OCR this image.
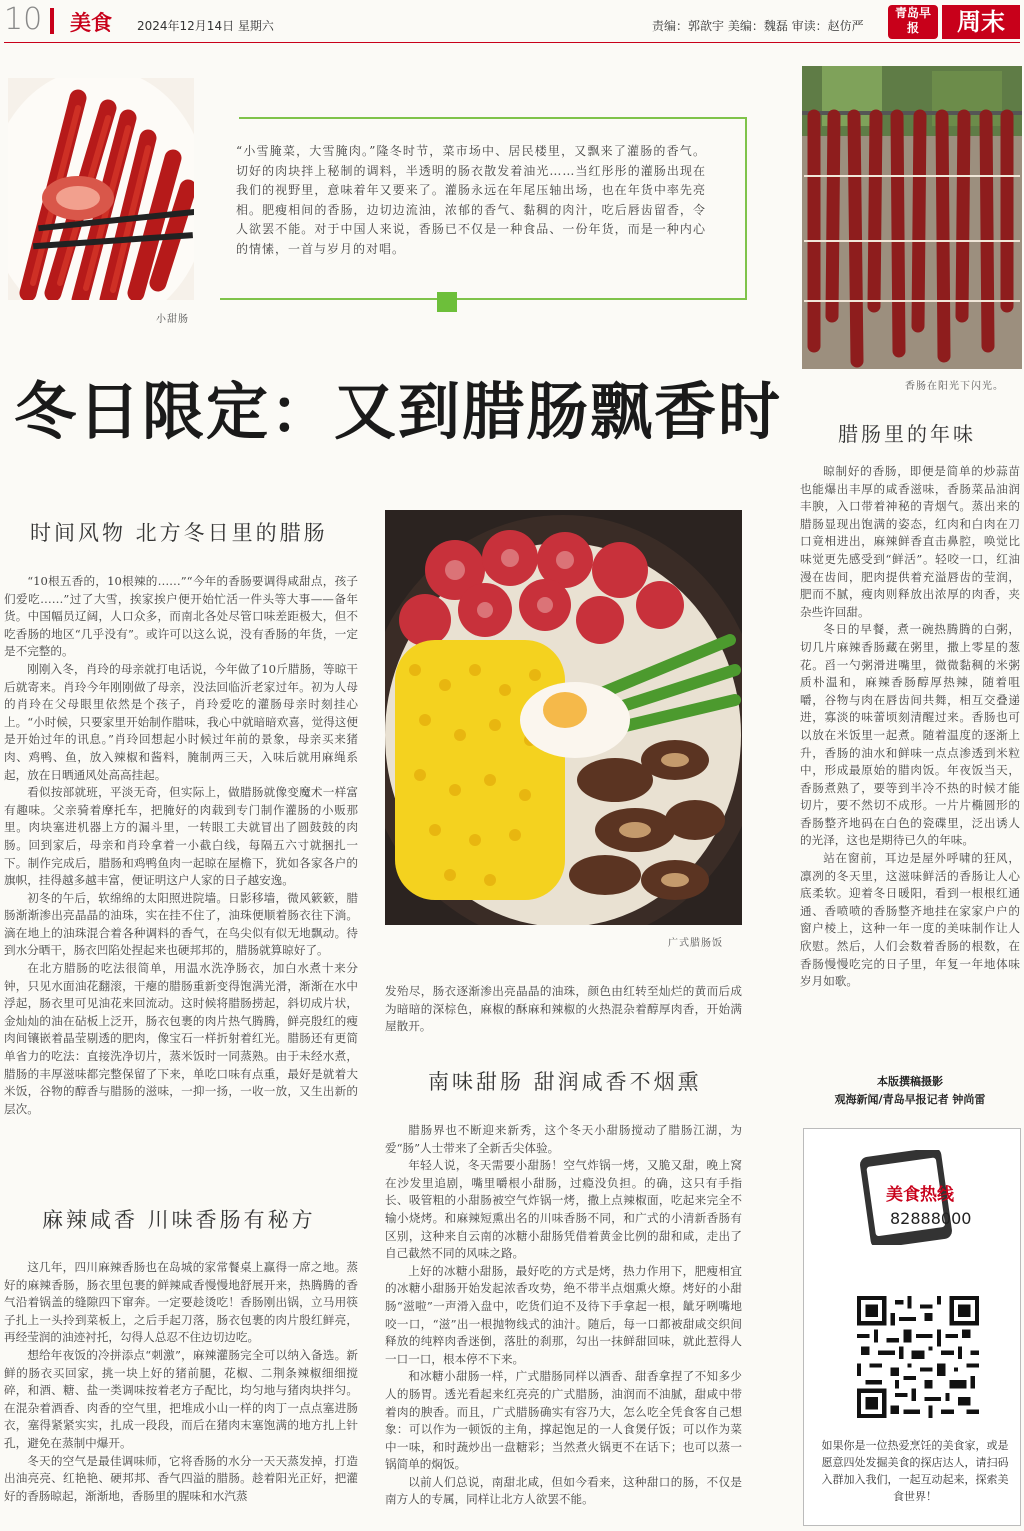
10 美食 2024年12月14日 星期六	责编：郭歆宇 美编：魏磊 审读：赵仿严
青岛早报	周末
小甜肠
“小雪腌菜，大雪腌肉。”隆冬时节，菜市场中、居民楼里，又飘来了灌肠的香气。切好的肉块拌上秘制的调料，半透明的肠衣散发着油光……当红彤彤的灌肠出现在我们的视野里，意味着年又要来了。灌肠永远在年尾压轴出场，也在年货中率先亮相。肥瘦相间的香肠，边切边流油，浓郁的香气、黏稠的肉汁，吃后唇齿留香，令人欲罢不能。对于中国人来说，香肠已不仅是一种食品、一份年货，而是一种内心的情愫，一首与岁月的对唱。
香肠在阳光下闪光。
冬日限定：又到腊肠飘香时	腊肠里的年味

晾制好的香肠，即便是简单的炒蒜苗也能爆出丰厚的咸香滋味，香肠菜品油润丰腴，入口带着神秘的青烟气。蒸出来的腊肠显现出饱满的姿态，红肉和白肉在刀口竟相进出，麻辣鲜香直击鼻腔，唤觉比味觉更先感受到“鲜活”。轻咬一口，红油漫在齿间，肥肉提供着充溢唇齿的莹润，肥而不腻，瘦肉则释放出浓厚的肉香，夹杂些许回甜。

冬日的早餐，煮一碗热腾腾的白粥，切几片麻辣香肠藏在粥里，撒上零星的葱花。舀一勺粥滑进嘴里，微微黏稠的米粥质朴温和，麻辣香肠醇厚热辣，随着咀嚼，谷物与肉在唇齿间共舞，相互交叠递进，寡淡的味蕾顷刻清醒过来。香肠也可以放在米饭里一起煮。随着温度的逐渐上升，香肠的油水和鲜味一点点渗透到米粒中，形成最原始的腊肉饭。年夜饭当天，香肠煮熟了，要等到半冷不热的时候才能切片，要不然切不成形。一片片椭圆形的香肠整齐地码在白色的瓷碟里，泛出诱人的光泽，这也是期待已久的年味。

站在窗前，耳边是屋外呼啸的狂风，凛冽的冬天里，这滋味鲜活的香肠让人心底柔软。迎着冬日暖阳，看到一根根红通通、香喷喷的香肠整齐地挂在家家户户的窗户棱上，这种一年一度的美味制作让人欣慰。然后，人们会数着香肠的根数，在香肠慢慢吃完的日子里，年复一年地体味岁月如歌。

本版撰稿摄影
观海新闻/青岛早报记者 钟尚雷
美食热线
82888000
如果你是一位热爱烹饪的美食家，或是愿意四处发掘美食的探店达人，请扫码入群加入我们，一起互动起来，探索美食世界！
时间风物 北方冬日里的腊肠

“10根五香的，10根辣的……”“今年的香肠要调得咸甜点，孩子们爱吃……”过了大雪，挨家挨户便开始忙活一件头等大事——备年货。中国幅员辽阔，人口众多，而南北各处尽管口味差距极大，但不吃香肠的地区“几乎没有”。或许可以这么说，没有香肠的年货，一定是不完整的。

刚刚入冬，肖玲的母亲就打电话说，今年做了10斤腊肠，等晾干后就寄来。肖玲今年刚刚做了母亲，没法回临沂老家过年。初为人母的肖玲在父母眼里依然是个孩子，肖玲爱吃的灌肠母亲时刻挂心上。“小时候，只要家里开始制作腊味，我心中就暗暗欢喜，觉得这便是开始过年的讯息。”肖玲回想起小时候过年前的景象，母亲买来猪肉、鸡鸭、鱼，放入辣椒和酱料，腌制两三天，入味后就用麻绳系起，放在日晒通风处高高挂起。

看似按部就班，平淡无奇，但实际上，做腊肠就像变魔术一样富有趣味。父亲骑着摩托车，把腌好的肉载到专门制作灌肠的小贩那里。肉块塞进机器上方的漏斗里，一转眼工夫就冒出了圆鼓鼓的肉肠。回到家后，母亲和肖玲拿着一小截白线，每隔五六寸就捆扎一下。制作完成后，腊肠和鸡鸭鱼肉一起晾在屋檐下，犹如各家各户的旗帜，挂得越多越丰富，便证明这户人家的日子越安逸。

初冬的午后，软绵绵的太阳照进院墙。日影移墙，微风簌簌，腊肠渐渐渗出亮晶晶的油珠，实在挂不住了，油珠便顺着肠衣往下淌。滴在地上的油珠混合着各种调料的香气，在鸟尖似有似无地飘动。待到水分晒干，肠衣凹陷处捏起来也硬邦邦的，腊肠就算晾好了。

在北方腊肠的吃法很简单，用温水洗净肠衣，加白水煮十来分钟，只见水面油花翻滚，干瘪的腊肠重新变得饱满光滑，渐渐在水中浮起，肠衣里可见油花来回流动。这时候将腊肠捞起，斜切成片状，金灿灿的油在砧板上泛开，肠衣包裹的肉片热气腾腾，鲜亮殷红的瘦肉间镶嵌着晶莹剔透的肥肉，像宝石一样折射着红光。腊肠还有更简单省力的吃法：直接洗净切片，蒸米饭时一同蒸熟。由于未经水煮，腊肠的丰厚滋味都完整保留了下来，单吃口味有点重，最好是就着大米饭，谷物的醇香与腊肠的滋味，一抑一扬，一收一放，又生出新的层次。

麻辣咸香 川味香肠有秘方

这几年，四川麻辣香肠也在岛城的家常餐桌上赢得一席之地。蒸好的麻辣香肠，肠衣里包裹的鲜辣咸香慢慢地舒展开来，热腾腾的香气沿着锅盖的缝隙四下窜奔。一定要趁烫吃！香肠刚出锅，立马用筷子扎上一头拎到菜板上，之后手起刀落，肠衣包裹的肉片殷红鲜亮，再经莹润的油迹衬托，勾得人总忍不住边切边吃。

想给年夜饭的冷拼添点“刺激”，麻辣灌肠完全可以纳入备选。新鲜的肠衣买回家，挑一块上好的猪前腿，花椒、二荆条辣椒细细搅碎，和酒、糖、盐一类调味按着老方子配比，均匀地与猪肉块拌匀。在混杂着酒香、肉香的空气里，把堆成小山一样的肉丁一点点塞进肠衣，塞得紧紧实实，扎成一段段，而后在猪肉末塞饱满的地方扎上针孔，避免在蒸制中爆开。

冬天的空气是最佳调味师，它将香肠的水分一天天蒸发掉，打造出油亮亮、红艳艳、硬邦邦、香气四溢的腊肠。趁着阳光正好，把灌好的香肠晾起，渐渐地，香肠里的腥味和水汽蒸

广式腊肠饭

发殆尽，肠衣逐渐渗出亮晶晶的油珠，颜色由红转至灿烂的黄而后成为暗暗的深棕色，麻椒的酥麻和辣椒的火热混杂着醇厚肉香，开始满屋散开。

南味甜肠 甜润咸香不烟熏

腊肠界也不断迎来新秀，这个冬天小甜肠搅动了腊肠江湖，为爱“肠”人士带来了全新舌尖体验。

年轻人说，冬天需要小甜肠！空气炸锅一烤，又脆又甜，晚上窝在沙发里追剧，嘴里嚼根小甜肠，过瘾没负担。的确，这只有手指长、吸管粗的小甜肠被空气炸锅一烤，撒上点辣椒面，吃起来完全不输小烧烤。和麻辣短熏出名的川味香肠不同，和广式的小清新香肠有区别，这种来自云南的冰糖小甜肠凭借着黄金比例的甜和咸，走出了自己截然不同的风味之路。

上好的冰糖小甜肠，最好吃的方式是烤，热力作用下，肥瘦相宜的冰糖小甜肠开始发起浓香攻势，绝不带半点烟熏火燎。烤好的小甜肠“滋啦”一声滑入盘中，吃货们迫不及待下手拿起一根，龇牙咧嘴地咬一口，“滋”出一根抛物线式的油汁。随后，每一口都被甜咸交织间释放的纯粹肉香迷倒，落肚的刹那，勾出一抹鲜甜回味，就此惹得人一口一口，根本停不下来。

和冰糖小甜肠一样，广式腊肠同样以酒香、甜香拿捏了不知多少人的肠胃。透光看起来红亮亮的广式腊肠，油润而不油腻，甜咸中带着肉的腴香。而且，广式腊肠确实有容乃大，怎么吃全凭食客自己想象：可以作为一顿饭的主角，撑起饱足的一人食煲仔饭；可以作为菜中一味，和时蔬炒出一盘糖彩；当然煮火锅更不在话下；也可以蒸一锅简单的焖饭。

以前人们总说，南甜北咸，但如今看来，这种甜口的肠，不仅是南方人的专属，同样让北方人欲罢不能。
